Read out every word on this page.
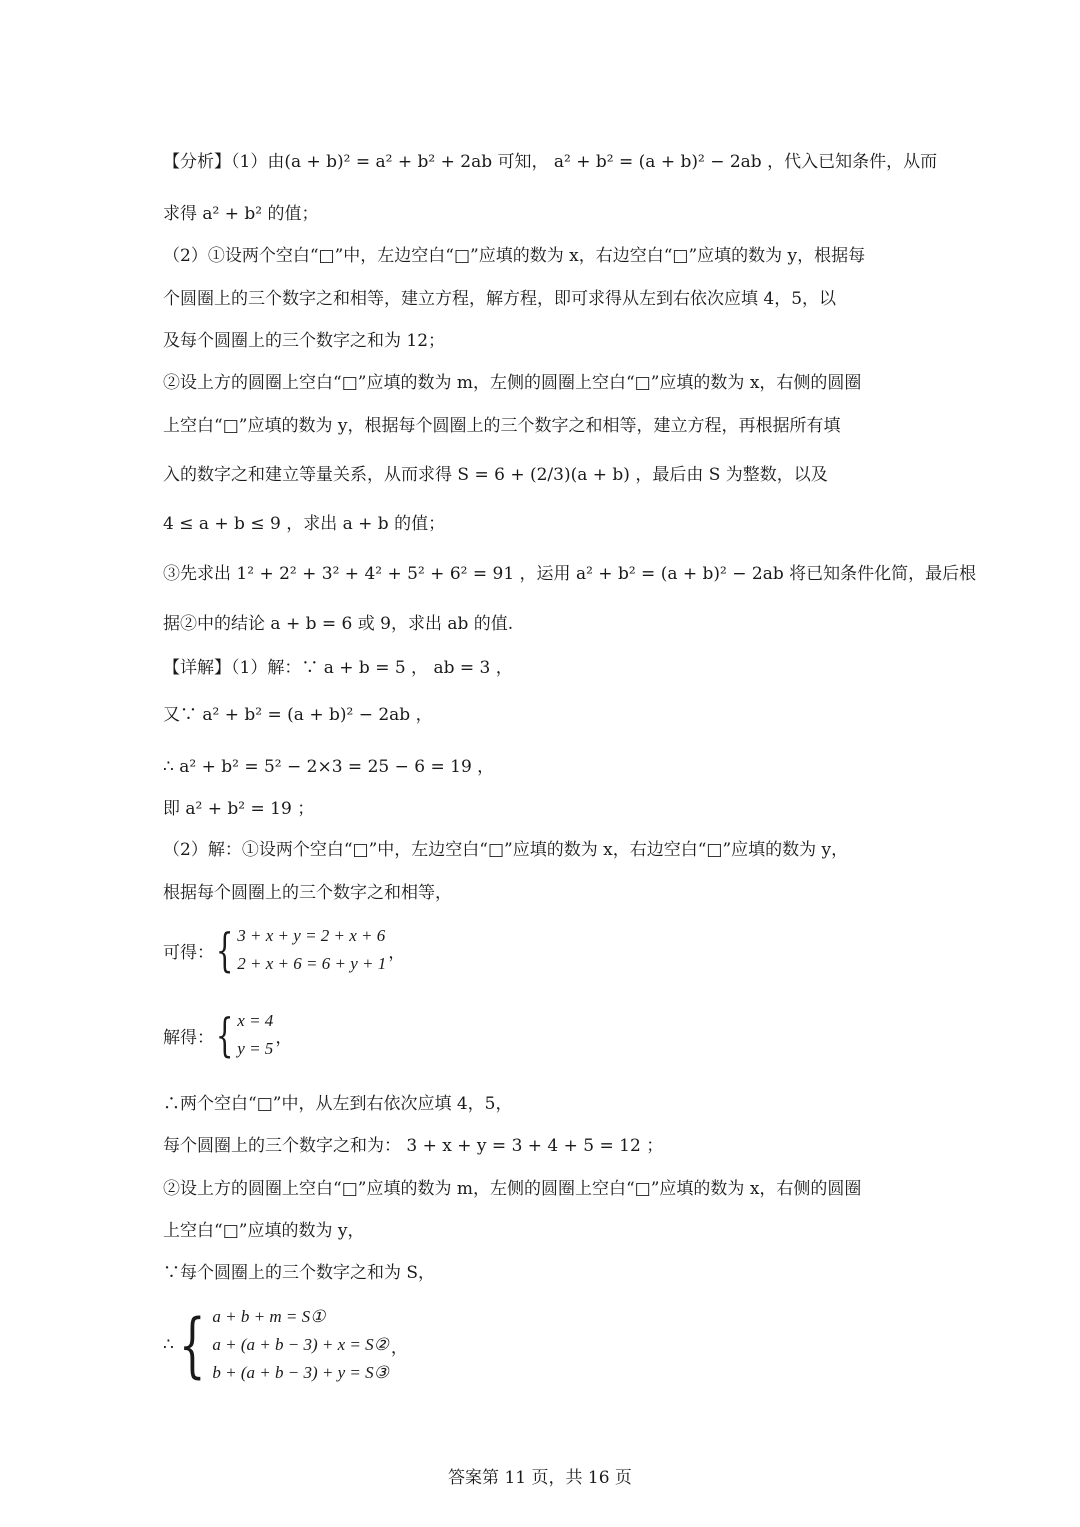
【分析】（1）由(a + b)² = a² + b² + 2ab 可知， a² + b² = (a + b)² − 2ab ，代入已知条件，从而
求得 a² + b² 的值；
（2）①设两个空白“□”中，左边空白“□”应填的数为 x，右边空白“□”应填的数为 y，根据每
个圆圈上的三个数字之和相等，建立方程，解方程，即可求得从左到右依次应填 4，5，以
及每个圆圈上的三个数字之和为 12；
②设上方的圆圈上空白“□”应填的数为 m，左侧的圆圈上空白“□”应填的数为 x，右侧的圆圈
上空白“□”应填的数为 y，根据每个圆圈上的三个数字之和相等，建立方程，再根据所有填
入的数字之和建立等量关系，从而求得 S = 6 + (2/3)(a + b) ，最后由 S 为整数，以及
4 ≤ a + b ≤ 9 ，求出 a + b 的值；
③先求出 1² + 2² + 3² + 4² + 5² + 6² = 91 ，运用 a² + b² = (a + b)² − 2ab 将已知条件化简，最后根
据②中的结论 a + b = 6 或 9，求出 ab 的值.
【详解】（1）解：∵ a + b = 5 ， ab = 3 ，
又∵ a² + b² = (a + b)² − 2ab ，
∴ a² + b² = 5² − 2×3 = 25 − 6 = 19 ，
即 a² + b² = 19 ；
（2）解：①设两个空白“□”中，左边空白“□”应填的数为 x，右边空白“□”应填的数为 y，
根据每个圆圈上的三个数字之和相等，
可得： { 3 + x + y = 2 + x + 6
2 + x + 6 = 6 + y + 1
，
解得： { x = 4
y = 5
，
∴两个空白“□”中，从左到右依次应填 4，5，
每个圆圈上的三个数字之和为： 3 + x + y = 3 + 4 + 5 = 12 ；
②设上方的圆圈上空白“□”应填的数为 m，左侧的圆圈上空白“□”应填的数为 x，右侧的圆圈
上空白“□”应填的数为 y，
∵每个圆圈上的三个数字之和为 S，
∴ { a + b + m = S①
a + (a + b − 3) + x = S②
b + (a + b − 3) + y = S③
，
答案第 11 页，共 16 页
